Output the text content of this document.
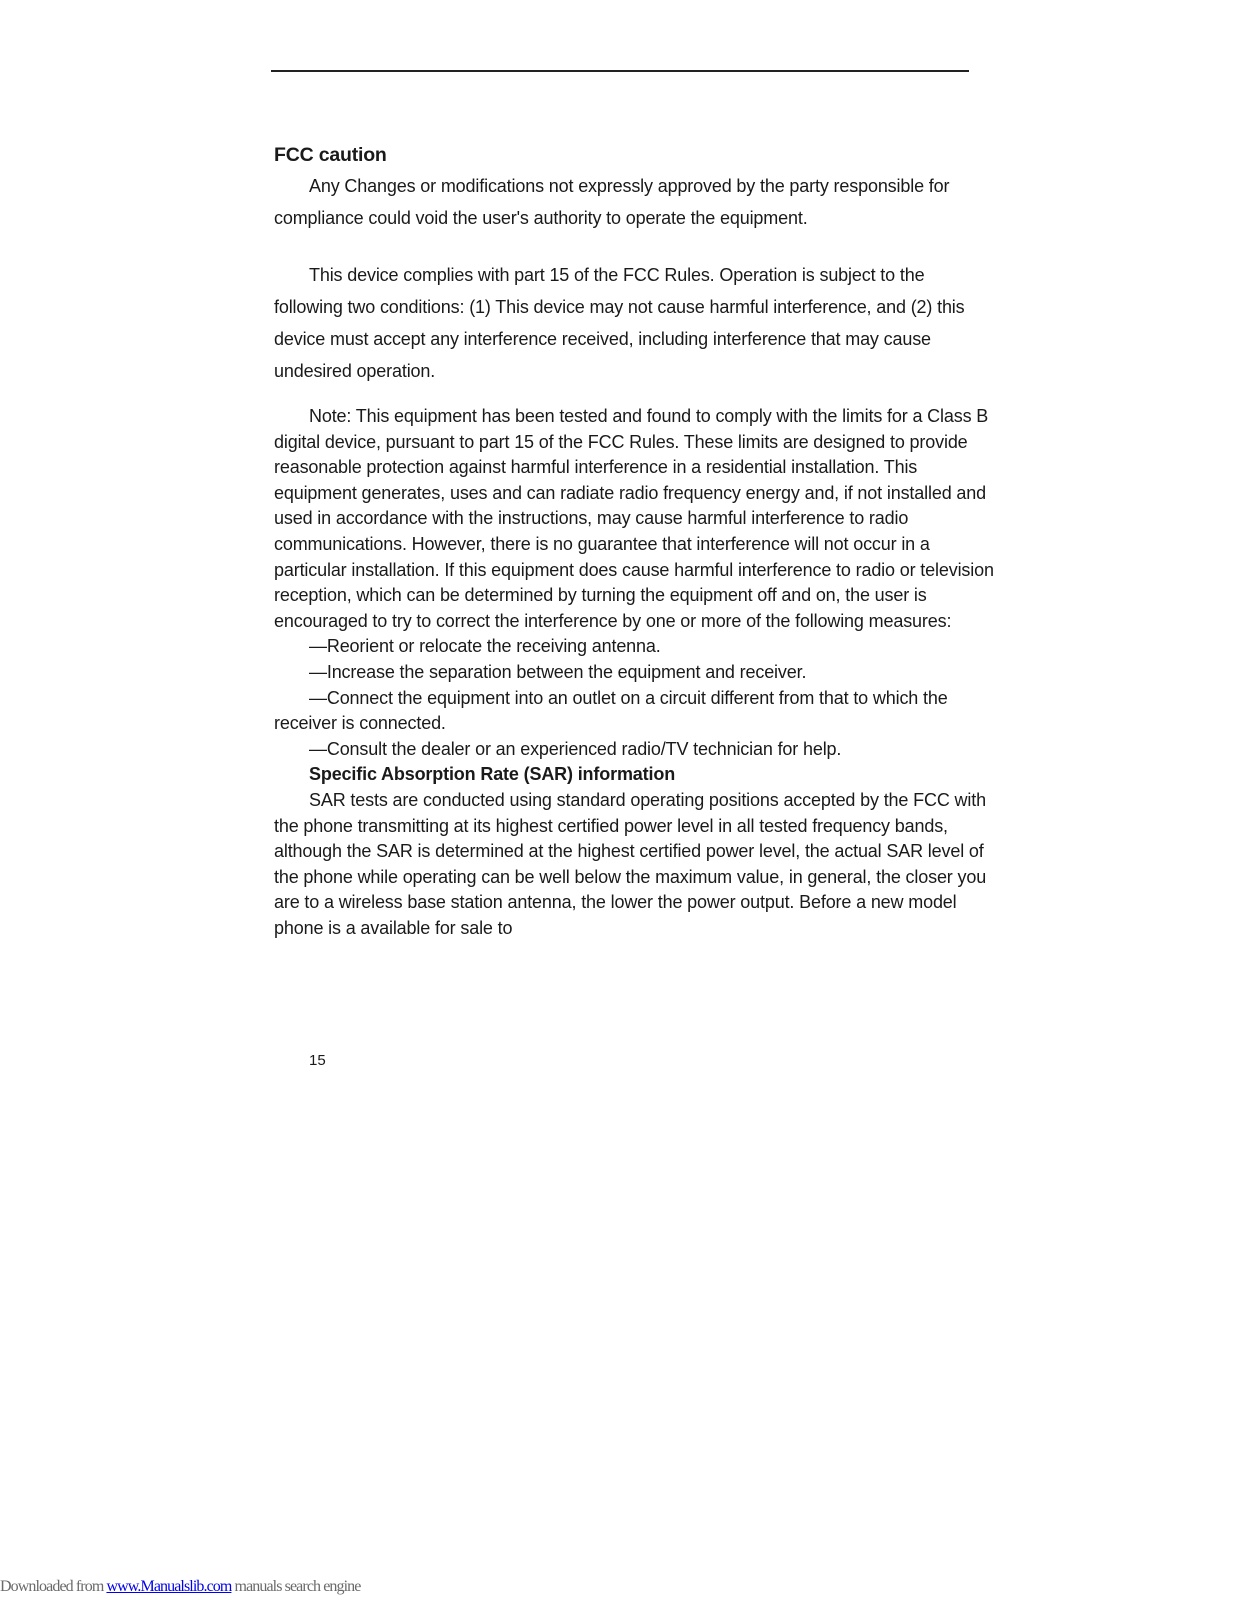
FCC caution

Any Changes or modifications not expressly approved by the party responsible for compliance could void the user's authority to operate the equipment.

This device complies with part 15 of the FCC Rules. Operation is subject to the following two conditions: (1) This device may not cause harmful interference, and (2) this device must accept any interference received, including interference that may cause undesired operation.

Note: This equipment has been tested and found to comply with the limits for a Class B digital device, pursuant to part 15 of the FCC Rules. These limits are designed to provide reasonable protection against harmful interference in a residential installation. This equipment generates, uses and can radiate radio frequency energy and, if not installed and used in accordance with the instructions, may cause harmful interference to radio communications. However, there is no guarantee that interference will not occur in a particular installation. If this equipment does cause harmful interference to radio or television reception, which can be determined by turning the equipment off and on, the user is encouraged to try to correct the interference by one or more of the following measures:

—Reorient or relocate the receiving antenna.

—Increase the separation between the equipment and receiver.

—Connect the equipment into an outlet on a circuit different from that to which the receiver is connected.

—Consult the dealer or an experienced radio/TV technician for help.

Specific Absorption Rate (SAR) information

SAR tests are conducted using standard operating positions accepted by the FCC with the phone transmitting at its highest certified power level in all tested frequency bands, although the SAR is determined at the highest certified power level, the actual SAR level of the phone while operating can be well below the maximum value, in general, the closer you are to a wireless base station antenna, the lower the power output. Before a new model phone is a available for sale to

15
Downloaded from www.Manualslib.com manuals search engine
